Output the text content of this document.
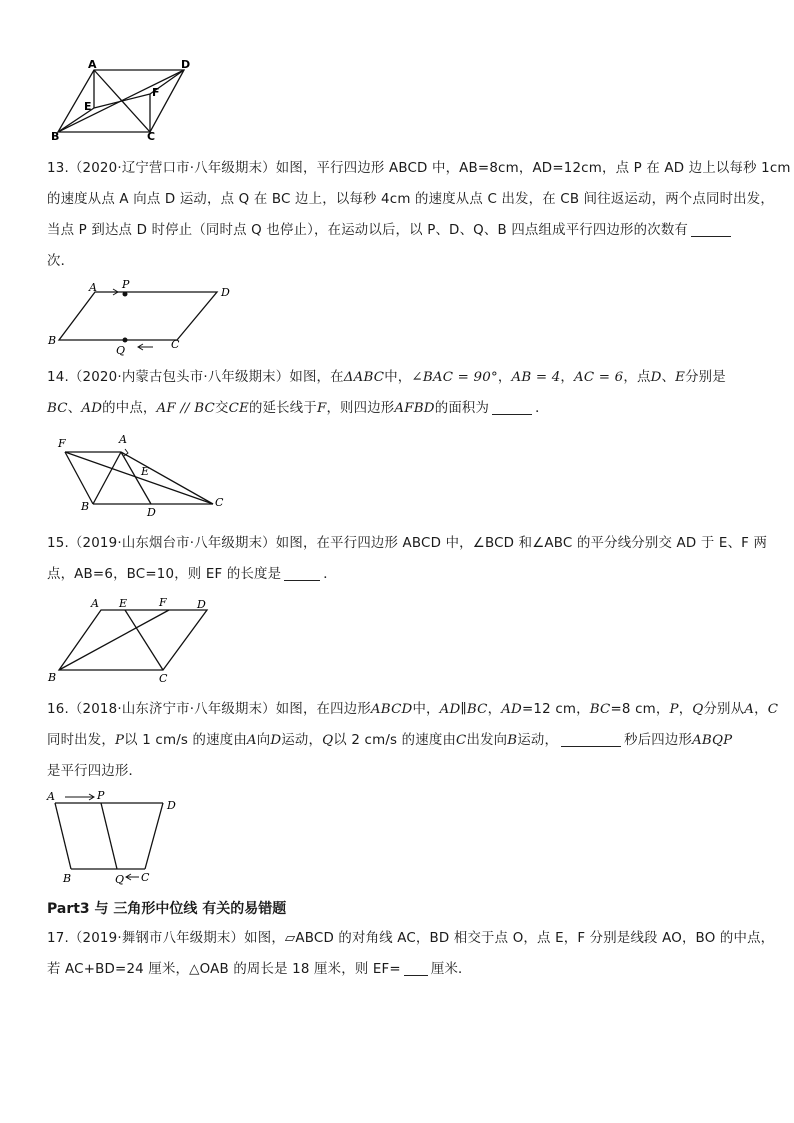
A	D
E
F
B	C
13.（2020·辽宁营口市·八年级期末）如图，平行四边形 ABCD 中，AB=8cm，AD=12cm，点 P 在 AD 边上以每秒 1cm
的速度从点 A 向点 D 运动，点 Q 在 BC 边上，以每秒 4cm 的速度从点 C 出发，在 CB 间往返运动，两个点同时出发，
当点 P 到达点 D 时停止（同时点 Q 也停止），在运动以后，以 P、D、Q、B 四点组成平行四边形的次数有
次．
A P
D
B
Q	C
14.（2020·内蒙古包头市·八年级期末）如图，在ΔABC中，∠BAC = 90°，AB = 4，AC = 6，点D、E分别是
BC、AD的中点，AF // BC交CE的延长线于F，则四边形AFBD的面积为	．
F	A
E
B	D
C
15.（2019·山东烟台市·八年级期末）如图，在平行四边形 ABCD 中，∠BCD 和∠ABC 的平分线分别交 AD 于 E、F 两
点，AB=6，BC=10，则 EF 的长度是	．
A E	F	D
B	C
16.（2018·山东济宁市·八年级期末）如图，在四边形ABCD中，AD∥BC，AD=12 cm，BC=8 cm，P，Q分别从A，C
同时出发，P以 1 cm/s 的速度由A向D运动，Q以 2 cm/s 的速度由C出发向B运动，	秒后四边形ABQP
是平行四边形．
A	P
D
B	Q C
Part3 与 三角形中位线 有关的易错题
17.（2019·舞钢市八年级期末）如图，▱ABCD 的对角线 AC，BD 相交于点 O，点 E，F 分别是线段 AO，BO 的中点，
若 AC+BD=24 厘米，△OAB 的周长是 18 厘米，则 EF= 厘米．
